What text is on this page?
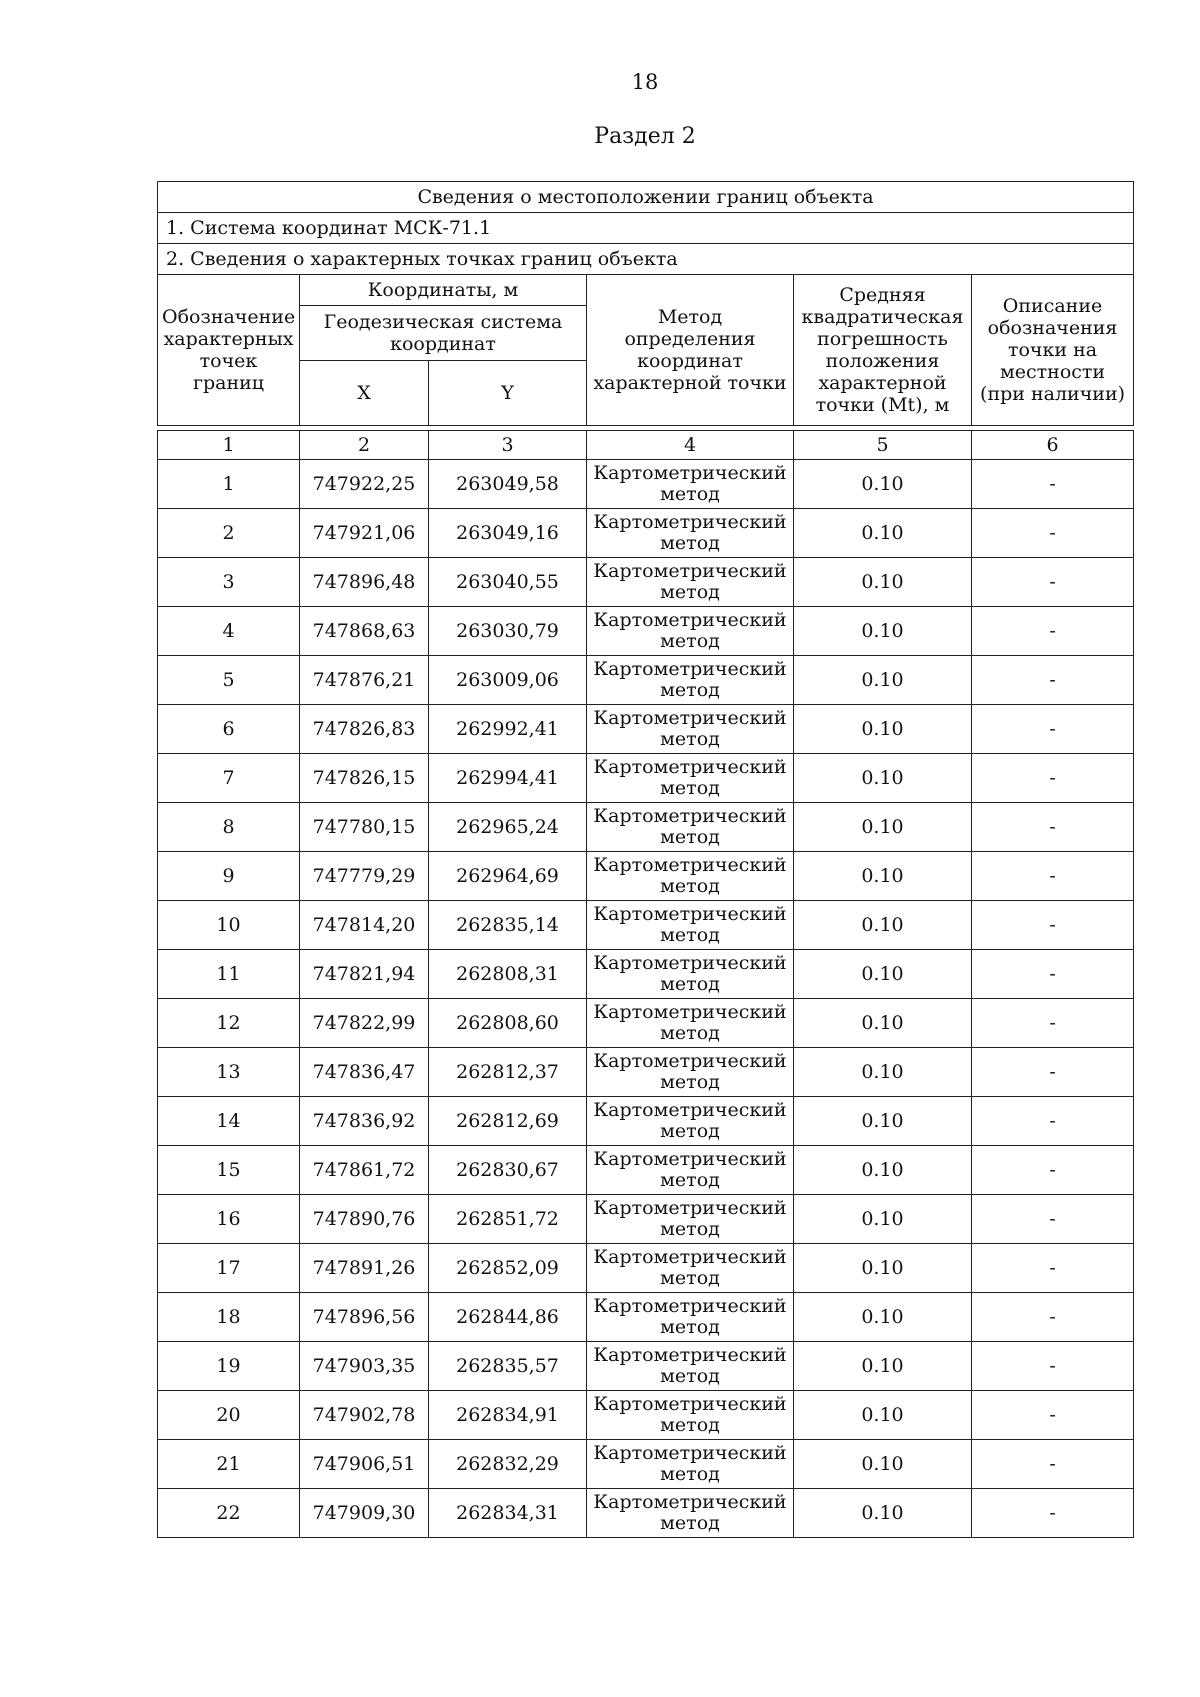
18
Раздел 2
Сведения о местоположении границ объекта					
1. Система координат МСК-71.1					
2. Сведения о характерных точках границ объекта					
Обозначение характерных точек границ	Координаты, м		Метод определения координат характерной точки	Средняя квадратическая погрешность положения характерной точки (Mt), м	Описание обозначения точки на местности (при наличии)
	Геодезическая система координат				
	X	Y			

1	2	3	4	5	6
1	747922,25	263049,58	Картометрический метод	0.10	-
2	747921,06	263049,16	Картометрический метод	0.10	-
3	747896,48	263040,55	Картометрический метод	0.10	-
4	747868,63	263030,79	Картометрический метод	0.10	-
5	747876,21	263009,06	Картометрический метод	0.10	-
6	747826,83	262992,41	Картометрический метод	0.10	-
7	747826,15	262994,41	Картометрический метод	0.10	-
8	747780,15	262965,24	Картометрический метод	0.10	-
9	747779,29	262964,69	Картометрический метод	0.10	-
10	747814,20	262835,14	Картометрический метод	0.10	-
11	747821,94	262808,31	Картометрический метод	0.10	-
12	747822,99	262808,60	Картометрический метод	0.10	-
13	747836,47	262812,37	Картометрический метод	0.10	-
14	747836,92	262812,69	Картометрический метод	0.10	-
15	747861,72	262830,67	Картометрический метод	0.10	-
16	747890,76	262851,72	Картометрический метод	0.10	-
17	747891,26	262852,09	Картометрический метод	0.10	-
18	747896,56	262844,86	Картометрический метод	0.10	-
19	747903,35	262835,57	Картометрический метод	0.10	-
20	747902,78	262834,91	Картометрический метод	0.10	-
21	747906,51	262832,29	Картометрический метод	0.10	-
22	747909,30	262834,31	Картометрический метод	0.10	-
